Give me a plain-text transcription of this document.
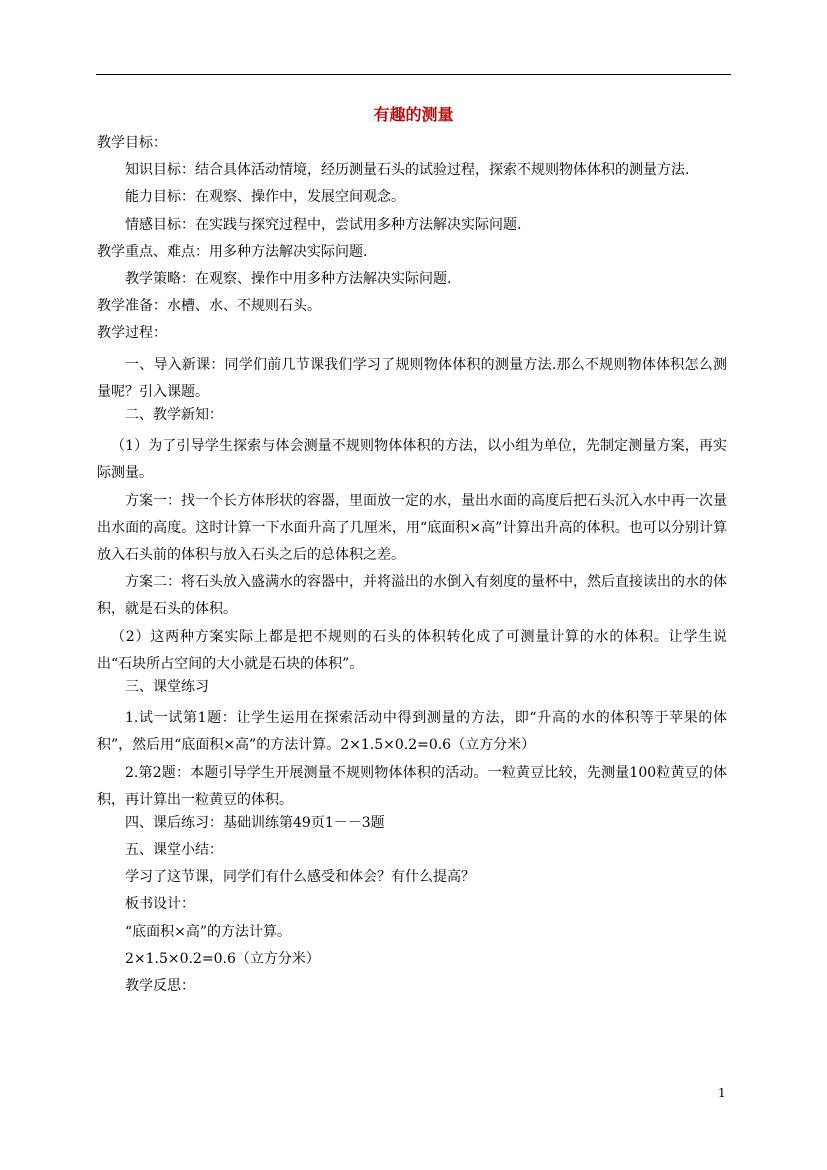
有趣的测量
教学目标：
知识目标：结合具体活动情境，经历测量石头的试验过程，探索不规则物体体积的测量方法.
能力目标：在观察、操作中，发展空间观念。
情感目标：在实践与探究过程中，尝试用多种方法解决实际问题.
教学重点、难点：用多种方法解决实际问题.
教学策略：在观察、操作中用多种方法解决实际问题.
教学准备：水槽、水、不规则石头。
教学过程：
一、导入新课：同学们前几节课我们学习了规则物体体积的测量方法.那么不规则物体体积怎么测量呢？引入课题。
二、教学新知：
（1）为了引导学生探索与体会测量不规则物体体积的方法，以小组为单位，先制定测量方案，再实际测量。
方案一：找一个长方体形状的容器，里面放一定的水，量出水面的高度后把石头沉入水中再一次量出水面的高度。这时计算一下水面升高了几厘米，用“底面积×高”计算出升高的体积。也可以分别计算放入石头前的体积与放入石头之后的总体积之差。
方案二：将石头放入盛满水的容器中，并将溢出的水倒入有刻度的量杯中，然后直接读出的水的体积，就是石头的体积。
（2）这两种方案实际上都是把不规则的石头的体积转化成了可测量计算的水的体积。让学生说出“石块所占空间的大小就是石块的体积”。
三、课堂练习
1.试一试第1题：让学生运用在探索活动中得到测量的方法，即“升高的水的体积等于苹果的体积”，然后用“底面积×高”的方法计算。2×1.5×0.2=0.6（立方分米）
2.第2题：本题引导学生开展测量不规则物体体积的活动。一粒黄豆比较，先测量100粒黄豆的体积，再计算出一粒黄豆的体积。
四、课后练习：基础训练第49页1－－3题
五、课堂小结：
学习了这节课，同学们有什么感受和体会？有什么提高？
板书设计：
“底面积×高”的方法计算。
2×1.5×0.2=0.6（立方分米）
教学反思：
1
